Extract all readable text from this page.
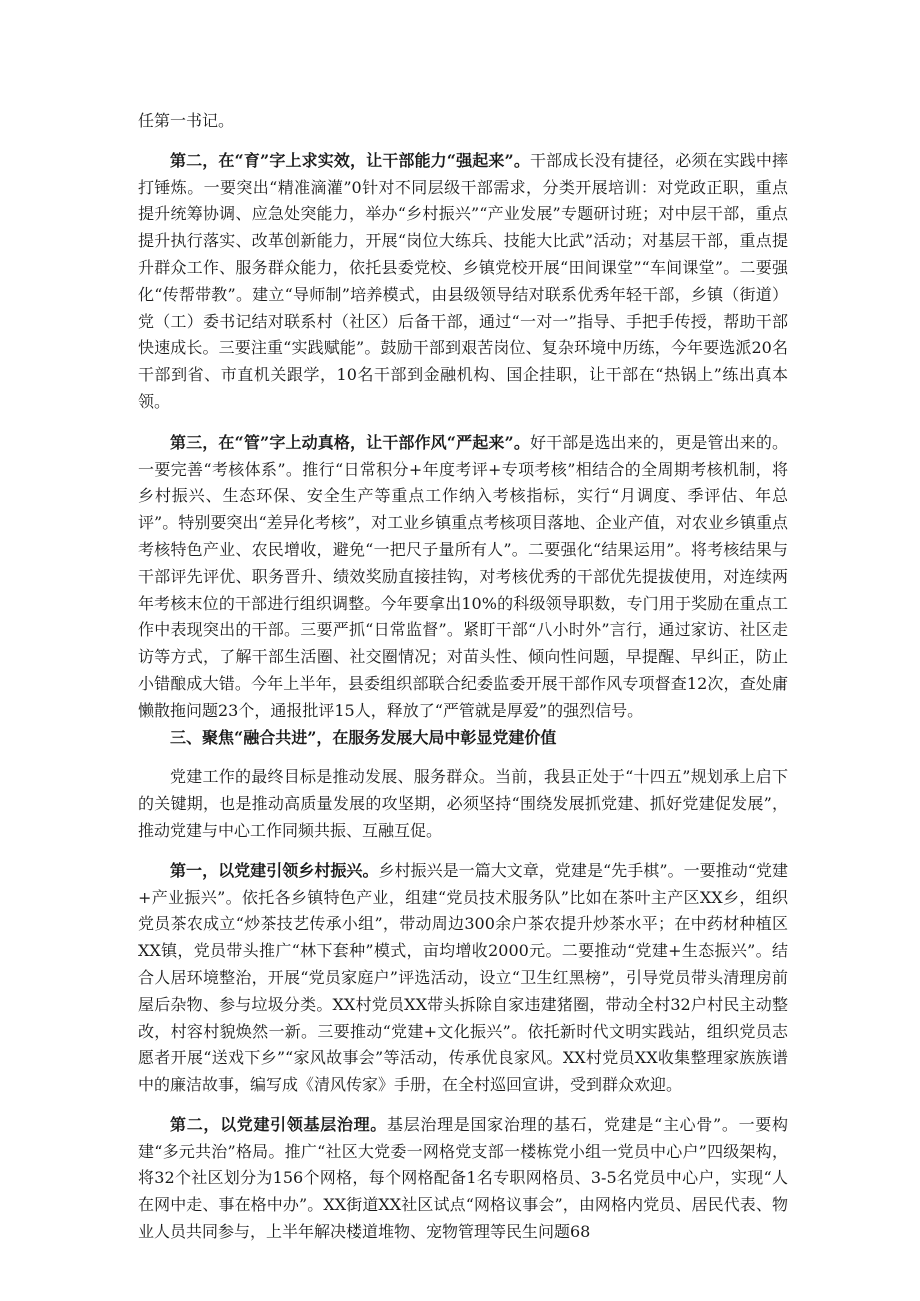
任第一书记。

第二，在“育”字上求实效，让干部能力“强起来”。干部成长没有捷径，必须在实践中摔打锤炼。一要突出“精准滴灌”0针对不同层级干部需求，分类开展培训：对党政正职，重点提升统筹协调、应急处突能力，举办“乡村振兴”“产业发展”专题研讨班；对中层干部，重点提升执行落实、改革创新能力，开展“岗位大练兵、技能大比武”活动；对基层干部，重点提升群众工作、服务群众能力，依托县委党校、乡镇党校开展“田间课堂”“车间课堂”。二要强化“传帮带教”。建立“导师制”培养模式，由县级领导结对联系优秀年轻干部，乡镇（街道）党（工）委书记结对联系村（社区）后备干部，通过“一对一”指导、手把手传授，帮助干部快速成长。三要注重“实践赋能”。鼓励干部到艰苦岗位、复杂环境中历练，今年要选派20名干部到省、市直机关跟学，10名干部到金融机构、国企挂职，让干部在“热锅上”练出真本领。

第三，在“管”字上动真格，让干部作风“严起来”。好干部是选出来的，更是管出来的。一要完善“考核体系”。推行“日常积分+年度考评+专项考核”相结合的全周期考核机制，将乡村振兴、生态环保、安全生产等重点工作纳入考核指标，实行“月调度、季评估、年总评”。特别要突出“差异化考核”，对工业乡镇重点考核项目落地、企业产值，对农业乡镇重点考核特色产业、农民增收，避免“一把尺子量所有人”。二要强化“结果运用”。将考核结果与干部评先评优、职务晋升、绩效奖励直接挂钩，对考核优秀的干部优先提拔使用，对连续两年考核末位的干部进行组织调整。今年要拿出10%的科级领导职数，专门用于奖励在重点工作中表现突出的干部。三要严抓“日常监督”。紧盯干部“八小时外”言行，通过家访、社区走访等方式，了解干部生活圈、社交圈情况；对苗头性、倾向性问题，早提醒、早纠正，防止小错酿成大错。今年上半年，县委组织部联合纪委监委开展干部作风专项督查12次，查处庸懒散拖问题23个，通报批评15人，释放了“严管就是厚爱”的强烈信号。

三、聚焦“融合共进”，在服务发展大局中彰显党建价值

党建工作的最终目标是推动发展、服务群众。当前，我县正处于“十四五”规划承上启下的关键期，也是推动高质量发展的攻坚期，必须坚持“围绕发展抓党建、抓好党建促发展”，推动党建与中心工作同频共振、互融互促。

第一，以党建引领乡村振兴。乡村振兴是一篇大文章，党建是“先手棋”。一要推动“党建+产业振兴”。依托各乡镇特色产业，组建“党员技术服务队”比如在茶叶主产区XX乡，组织党员茶农成立“炒茶技艺传承小组”，带动周边300余户茶农提升炒茶水平；在中药材种植区XX镇，党员带头推广“林下套种”模式，亩均增收2000元。二要推动“党建+生态振兴”。结合人居环境整治，开展“党员家庭户”评选活动，设立“卫生红黑榜”，引导党员带头清理房前屋后杂物、参与垃圾分类。XX村党员XX带头拆除自家违建猪圈，带动全村32户村民主动整改，村容村貌焕然一新。三要推动“党建+文化振兴”。依托新时代文明实践站，组织党员志愿者开展“送戏下乡”“家风故事会”等活动，传承优良家风。XX村党员XX收集整理家族族谱中的廉洁故事，编写成《清风传家》手册，在全村巡回宣讲，受到群众欢迎。

第二，以党建引领基层治理。基层治理是国家治理的基石，党建是“主心骨”。一要构建“多元共治”格局。推广“社区大党委一网格党支部一楼栋党小组一党员中心户”四级架构，将32个社区划分为156个网格，每个网格配备1名专职网格员、3-5名党员中心户，实现“人在网中走、事在格中办”。XX街道XX社区试点“网格议事会”，由网格内党员、居民代表、物业人员共同参与，上半年解决楼道堆物、宠物管理等民生问题68
